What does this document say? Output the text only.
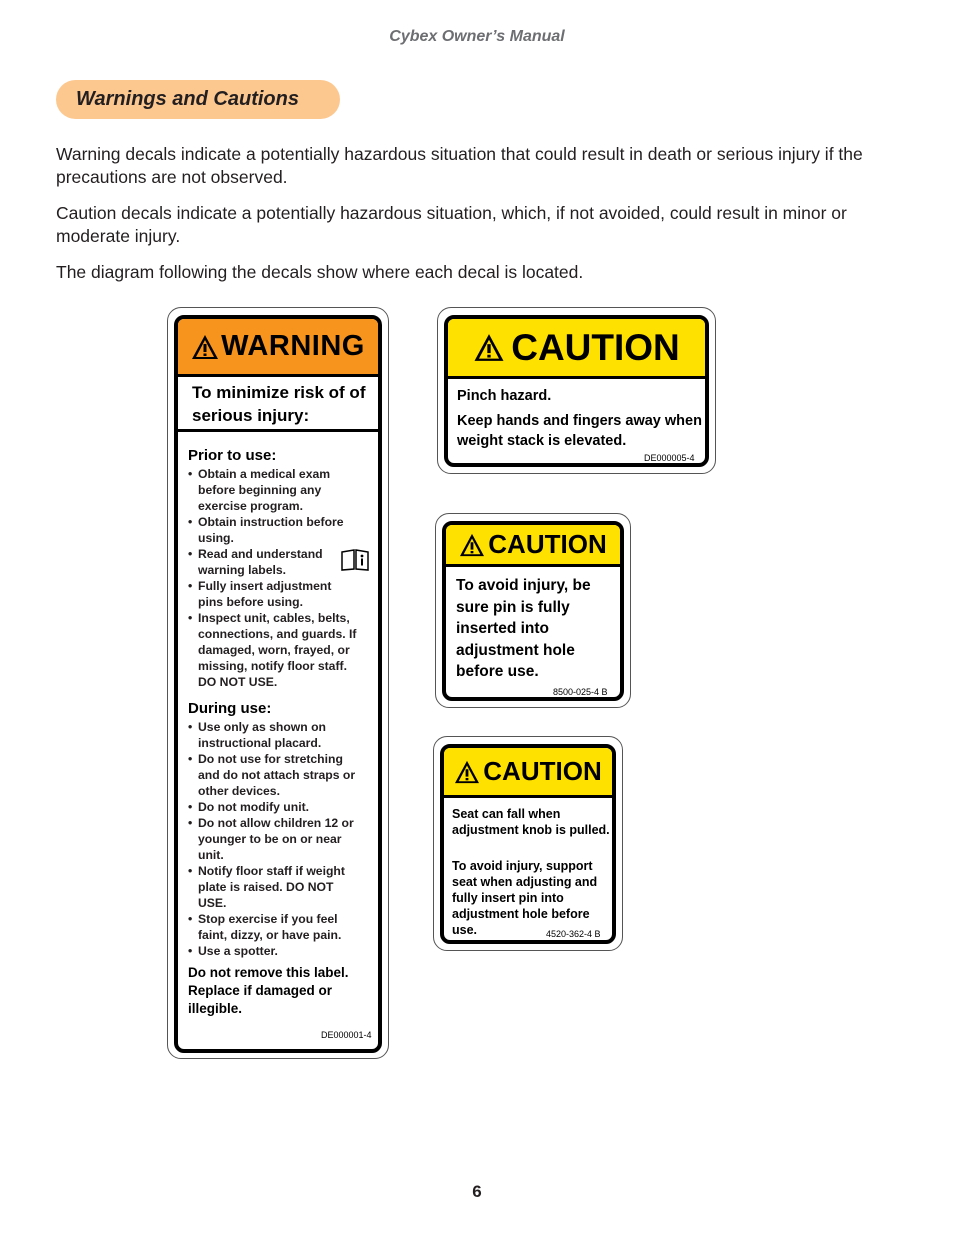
Cybex Owner’s Manual
Warnings and Cautions

Warning decals indicate a potentially hazardous situation that could result in death or serious injury if the precautions are not observed.

Caution decals indicate a potentially hazardous situation, which, if not avoided, could result in minor or moderate injury.

The diagram following the decals show where each decal is located.

WARNING
To minimize risk of of serious injury:
Prior to use:
• Obtain a medical exam before beginning any exercise program.
• Obtain instruction before using.
• Read and understand warning labels.
• Fully insert adjustment pins before using.
• Inspect unit, cables, belts, connections, and guards. If damaged, worn, frayed, or missing, notify floor staff. DO NOT USE.
During use:
• Use only as shown on instructional placard.
• Do not use for stretching and do not attach straps or other devices.
• Do not modify unit.
• Do not allow children 12 or younger to be on or near unit.
• Notify floor staff if weight plate is raised. DO NOT USE.
• Stop exercise if you feel faint, dizzy, or have pain.
• Use a spotter.
Do not remove this label. Replace if damaged or illegible.
DE000001-4
CAUTION
Pinch hazard.
Keep hands and fingers away when weight stack is elevated.
DE000005-4
CAUTION
To avoid injury, be sure pin is fully inserted into adjustment hole before use.
8500-025-4 B
CAUTION
Seat can fall when adjustment knob is pulled.
To avoid injury, support seat when adjusting and fully insert pin into adjustment hole before use.	4520-362-4 B
6
